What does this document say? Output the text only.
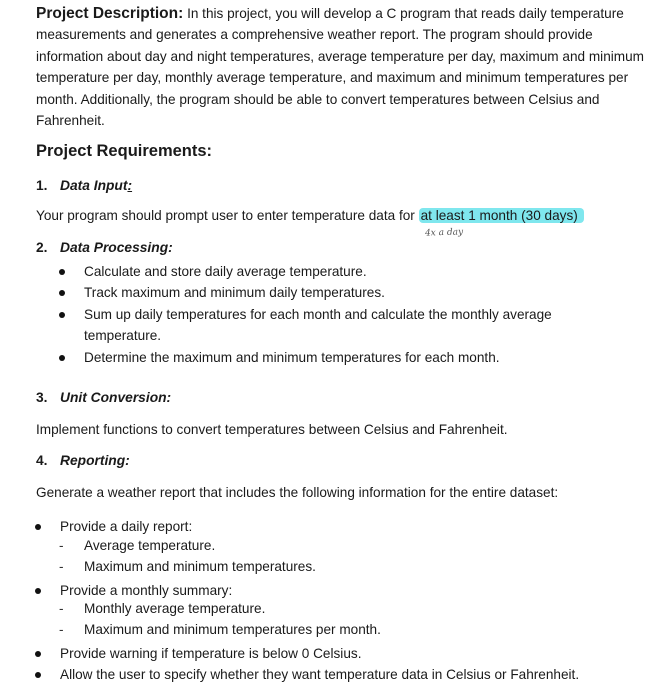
Project Description: In this project, you will develop a C program that reads daily temperature measurements and generates a comprehensive weather report. The program should provide information about day and night temperatures, average temperature per day, maximum and minimum temperature per day, monthly average temperature, and maximum and minimum temperatures per month. Additionally, the program should be able to convert temperatures between Celsius and Fahrenheit.

Project Requirements:

1. Data Input:

Your program should prompt user to enter temperature data for at least 1 month (30 days)

4x a day

2. Data Processing:

Calculate and store daily average temperature.
Track maximum and minimum daily temperatures.
Sum up daily temperatures for each month and calculate the monthly average temperature.
Determine the maximum and minimum temperatures for each month.

3. Unit Conversion:

Implement functions to convert temperatures between Celsius and Fahrenheit.

4. Reporting:

Generate a weather report that includes the following information for the entire dataset:

Provide a daily report:
- Average temperature.
- Maximum and minimum temperatures.
Provide a monthly summary:
- Monthly average temperature.
- Maximum and minimum temperatures per month.
Provide warning if temperature is below 0 Celsius.
Allow the user to specify whether they want temperature data in Celsius or Fahrenheit.
